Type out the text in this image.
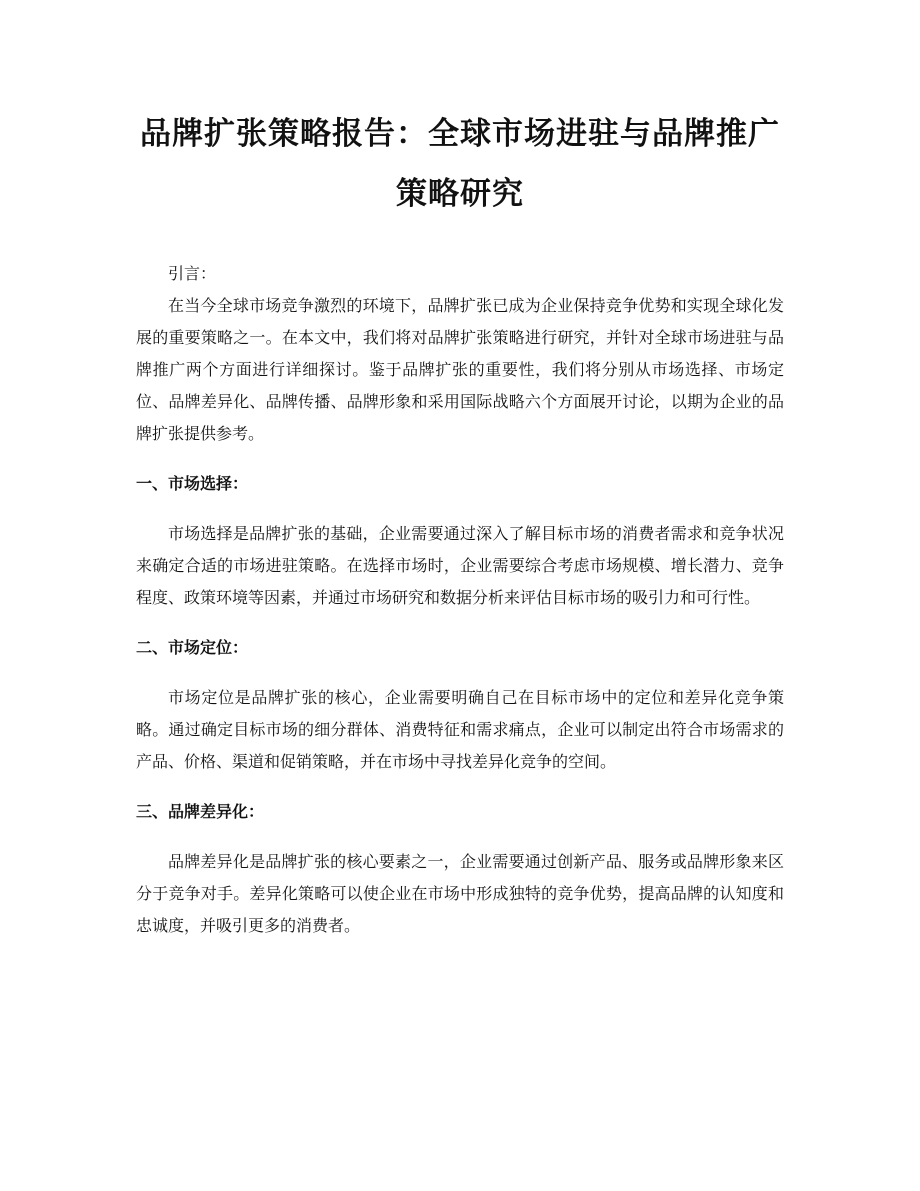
品牌扩张策略报告：全球市场进驻与品牌推广策略研究
引言：

在当今全球市场竞争激烈的环境下，品牌扩张已成为企业保持竞争优势和实现全球化发展的重要策略之一。在本文中，我们将对品牌扩张策略进行研究，并针对全球市场进驻与品牌推广两个方面进行详细探讨。鉴于品牌扩张的重要性，我们将分别从市场选择、市场定位、品牌差异化、品牌传播、品牌形象和采用国际战略六个方面展开讨论，以期为企业的品牌扩张提供参考。

一、市场选择：

市场选择是品牌扩张的基础，企业需要通过深入了解目标市场的消费者需求和竞争状况来确定合适的市场进驻策略。在选择市场时，企业需要综合考虑市场规模、增长潜力、竞争程度、政策环境等因素，并通过市场研究和数据分析来评估目标市场的吸引力和可行性。

二、市场定位：

市场定位是品牌扩张的核心，企业需要明确自己在目标市场中的定位和差异化竞争策略。通过确定目标市场的细分群体、消费特征和需求痛点，企业可以制定出符合市场需求的产品、价格、渠道和促销策略，并在市场中寻找差异化竞争的空间。

三、品牌差异化：

品牌差异化是品牌扩张的核心要素之一，企业需要通过创新产品、服务或品牌形象来区分于竞争对手。差异化策略可以使企业在市场中形成独特的竞争优势，提高品牌的认知度和忠诚度，并吸引更多的消费者。
